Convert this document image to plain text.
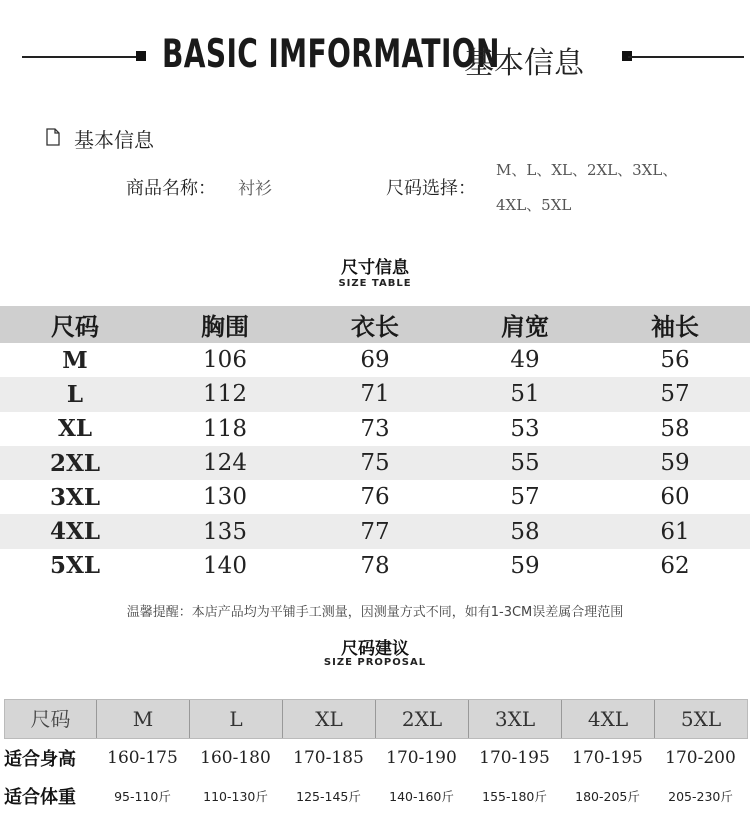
BASIC IMFORMATION
基本信息
基本信息
商品名称： 衬衫	尺码选择：
M、L、XL、2XL、3XL、
4XL、5XL
尺寸信息
SIZE TABLE
尺码	胸围	衣长	肩宽	袖长
M	106	69	49	56
L	112	71	51	57
XL	118	73	53	58
2XL	124	75	55	59
3XL	130	76	57	60
4XL	135	77	58	61
5XL	140	78	59	62
温馨提醒：本店产品均为平铺手工测量，因测量方式不同，如有1-3CM误差属合理范围
尺码建议
SIZE PROPOSAL
尺码	M	L	XL	2XL	3XL	4XL	5XL
适合身高	160-175	160-180	170-185	170-190	170-195	170-195	170-200
适合体重	95-110斤	110-130斤	125-145斤	140-160斤	155-180斤	180-205斤	205-230斤
